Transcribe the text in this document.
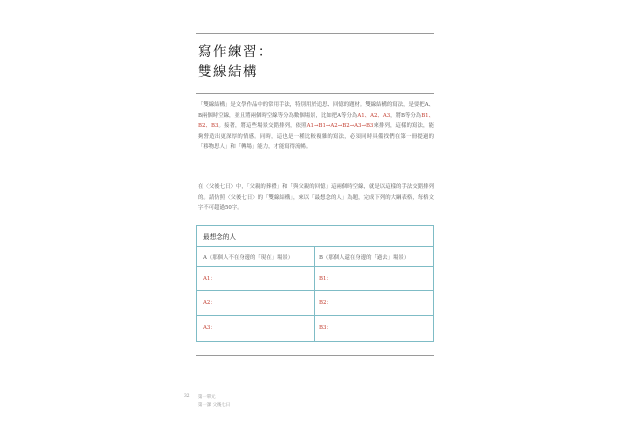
寫作練習：
雙線結構

「雙線結構」是文學作品中的常用手法，特別用於追思、回憶的題材。雙線結構的寫法，是要把A、B兩個時空線，並且將兩個時空線等分為數個場景，比如把A等分為A1、A2、A3，將B等分為B1、B2、B3。接著，將這些場景交錯排列，依照A1→B1→A2→B2→A3→B3來排列，這樣的寫法，能夠營造出更深厚的情感。同時，這也是一種比較複雜的寫法，必須同時具備找們在第一冊提過的「移物思人」和「轉場」能力，才能寫得流暢。

在〈父後七日〉中，「父親的葬禮」和「與父親的回憶」這兩個時空線，就是以這樣的手法交錯排列的。請仿照〈父後七日〉的「雙線結構」，來以「最想念的人」為題，完成下列的大綱表格，每格文字不可超過50字。

最想念的人
A（那個人不在身邊的「現在」場景）	B（那個人還在身邊的「過去」場景）
A1：	B1：
A2：	B2：
A3：	B3：
32 第一單元
第一課 父後七日
